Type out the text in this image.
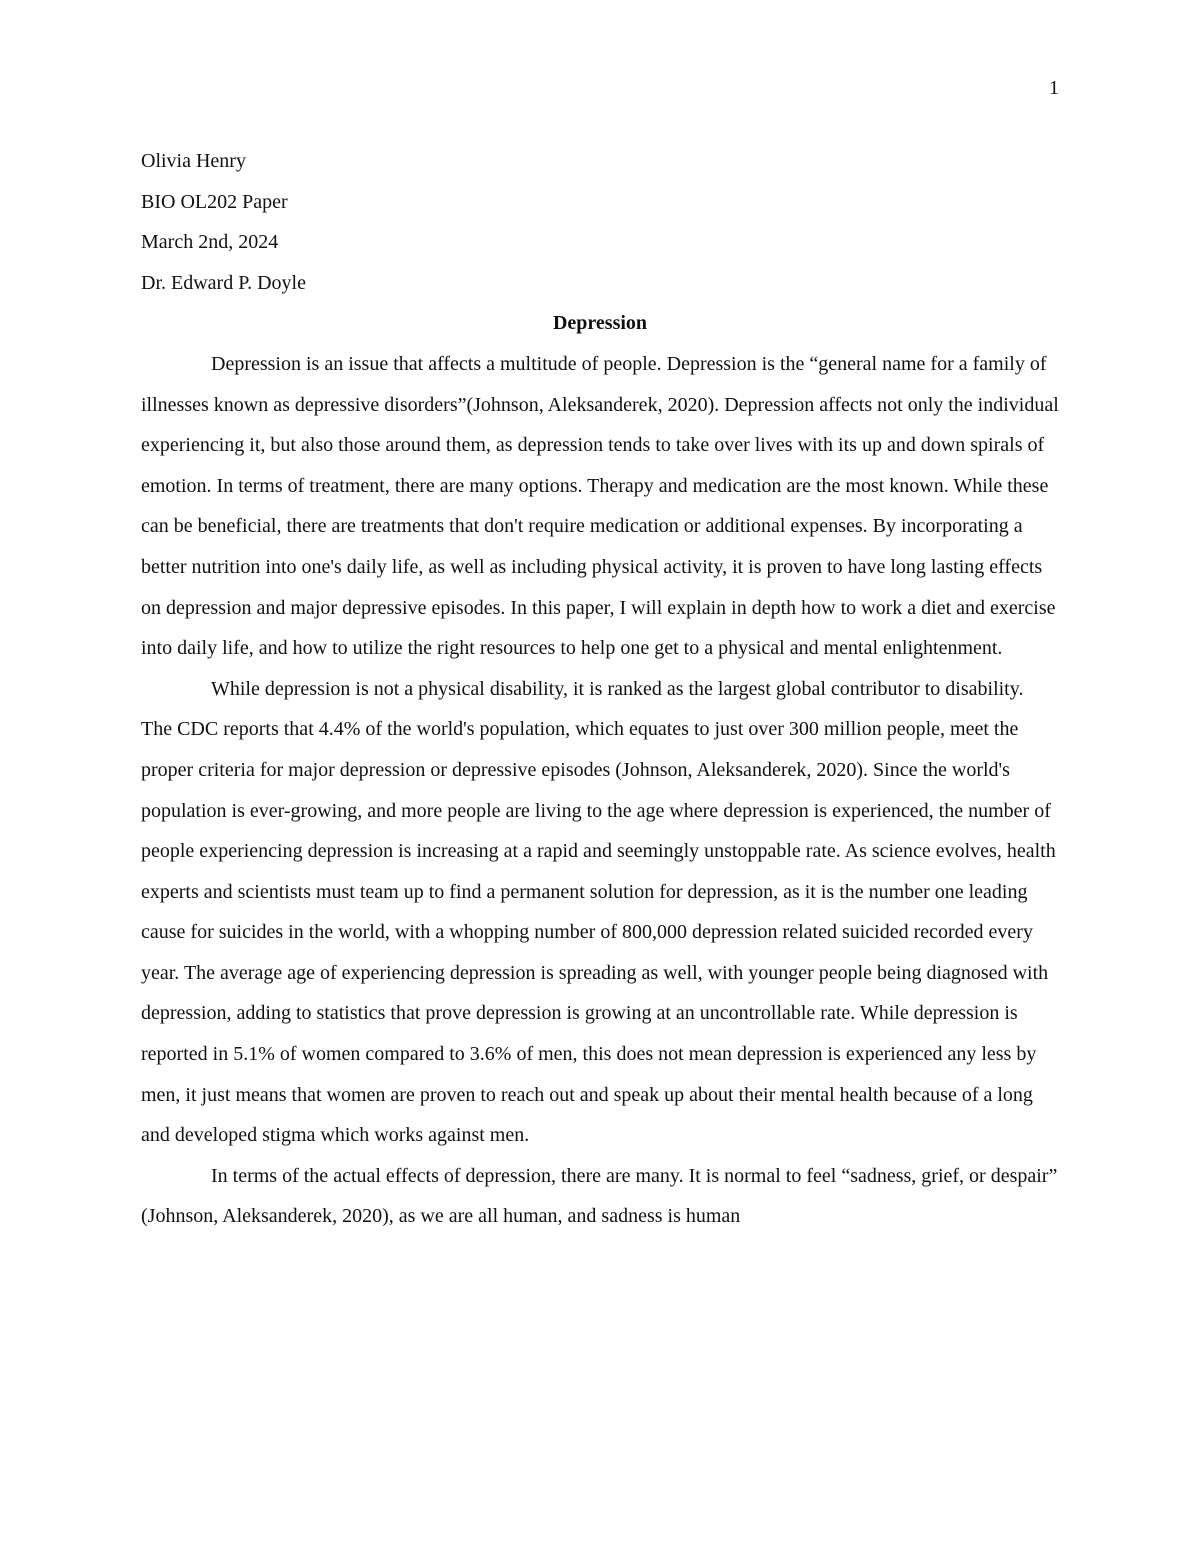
1

Olivia Henry

BIO OL202 Paper

March 2nd, 2024

Dr. Edward P. Doyle

Depression

Depression is an issue that affects a multitude of people. Depression is the “general name for a family of illnesses known as depressive disorders”(Johnson, Aleksanderek, 2020). Depression affects not only the individual experiencing it, but also those around them, as depression tends to take over lives with its up and down spirals of emotion. In terms of treatment, there are many options. Therapy and medication are the most known. While these can be beneficial, there are treatments that don't require medication or additional expenses. By incorporating a better nutrition into one's daily life, as well as including physical activity, it is proven to have long lasting effects on depression and major depressive episodes. In this paper, I will explain in depth how to work a diet and exercise into daily life, and how to utilize the right resources to help one get to a physical and mental enlightenment.

While depression is not a physical disability, it is ranked as the largest global contributor to disability. The CDC reports that 4.4% of the world's population, which equates to just over 300 million people, meet the proper criteria for major depression or depressive episodes (Johnson, Aleksanderek, 2020). Since the world's population is ever-growing, and more people are living to the age where depression is experienced, the number of people experiencing depression is increasing at a rapid and seemingly unstoppable rate. As science evolves, health experts and scientists must team up to find a permanent solution for depression, as it is the number one leading cause for suicides in the world, with a whopping number of 800,000 depression related suicided recorded every year. The average age of experiencing depression is spreading as well, with younger people being diagnosed with depression, adding to statistics that prove depression is growing at an uncontrollable rate. While depression is reported in 5.1% of women compared to 3.6% of men, this does not mean depression is experienced any less by men, it just means that women are proven to reach out and speak up about their mental health because of a long and developed stigma which works against men.

In terms of the actual effects of depression, there are many. It is normal to feel “sadness, grief, or despair” (Johnson, Aleksanderek, 2020), as we are all human, and sadness is human
